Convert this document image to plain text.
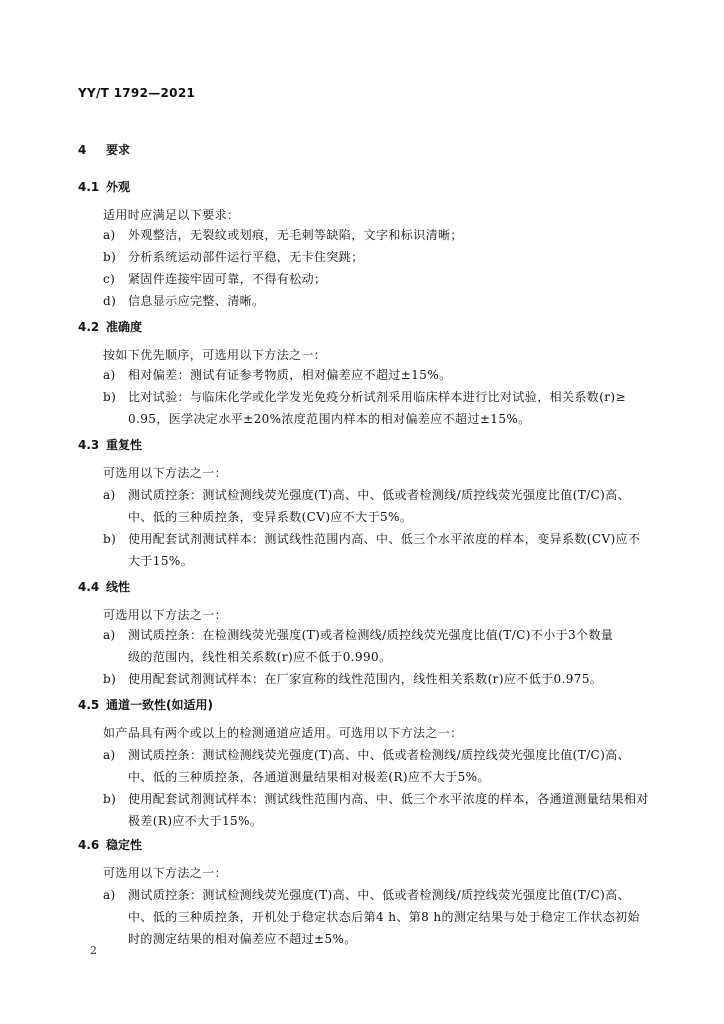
YY/T 1792—2021
4 要求
4.1 外观
适用时应满足以下要求：
a) 外观整洁，无裂纹或划痕，无毛刺等缺陷，文字和标识清晰；
b) 分析系统运动部件运行平稳，无卡住突跳；
c) 紧固件连接牢固可靠，不得有松动；
d) 信息显示应完整、清晰。
4.2 准确度
按如下优先顺序，可选用以下方法之一：
a) 相对偏差：测试有证参考物质，相对偏差应不超过±15%。
b) 比对试验：与临床化学或化学发光免疫分析试剂采用临床样本进行比对试验，相关系数(r)≥
0.95，医学决定水平±20%浓度范围内样本的相对偏差应不超过±15%。
4.3 重复性
可选用以下方法之一：
a) 测试质控条：测试检测线荧光强度(T)高、中、低或者检测线/质控线荧光强度比值(T/C)高、
中、低的三种质控条，变异系数(CV)应不大于5%。
b) 使用配套试剂测试样本：测试线性范围内高、中、低三个水平浓度的样本，变异系数(CV)应不
大于15%。
4.4 线性
可选用以下方法之一：
a) 测试质控条：在检测线荧光强度(T)或者检测线/质控线荧光强度比值(T/C)不小于3个数量
级的范围内，线性相关系数(r)应不低于0.990。
b) 使用配套试剂测试样本：在厂家宣称的线性范围内，线性相关系数(r)应不低于0.975。
4.5 通道一致性(如适用)
如产品具有两个或以上的检测通道应适用。可选用以下方法之一：
a) 测试质控条：测试检测线荧光强度(T)高、中、低或者检测线/质控线荧光强度比值(T/C)高、
中、低的三种质控条，各通道测量结果相对极差(R)应不大于5%。
b) 使用配套试剂测试样本：测试线性范围内高、中、低三个水平浓度的样本，各通道测量结果相对
极差(R)应不大于15%。
4.6 稳定性
可选用以下方法之一：
a) 测试质控条：测试检测线荧光强度(T)高、中、低或者检测线/质控线荧光强度比值(T/C)高、
中、低的三种质控条，开机处于稳定状态后第4 h、第8 h的测定结果与处于稳定工作状态初始
时的测定结果的相对偏差应不超过±5%。
2
